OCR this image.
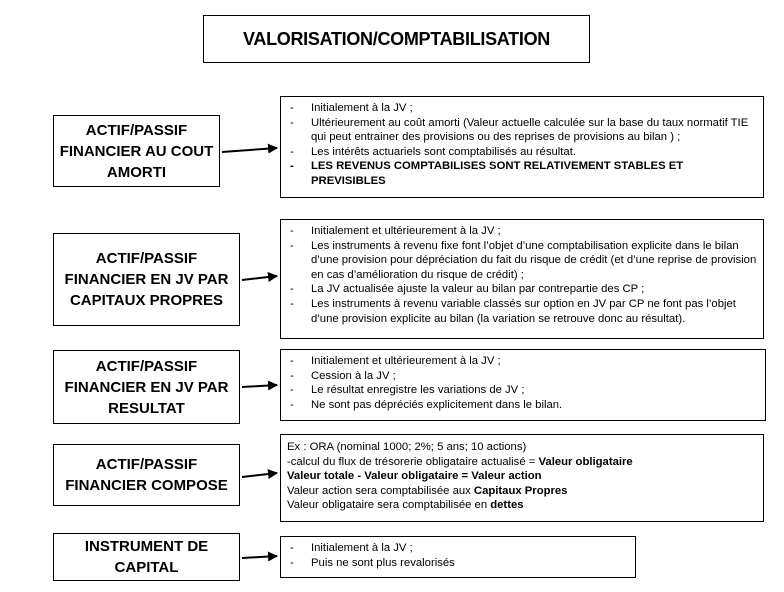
VALORISATION/COMPTABILISATION
ACTIF/PASSIF
FINANCIER AU COUT
AMORTI
- Initialement à la JV ;
- Ultérieurement au coût amorti (Valeur actuelle calculée sur la base du taux normatif TIE qui peut entrainer des provisions ou des reprises de provisions au bilan ) ;
- Les intérêts actuariels sont comptabilisés au résultat.
- LES REVENUS COMPTABILISES SONT RELATIVEMENT STABLES ET PREVISIBLES
ACTIF/PASSIF
FINANCIER EN JV PAR
CAPITAUX PROPRES
- Initialement et ultérieurement à la JV ;
- Les instruments à revenu fixe font l’objet d’une comptabilisation explicite dans le bilan d’une provision pour dépréciation du fait du risque de crédit (et d’une reprise de provision en cas d’amélioration du risque de crédit) ;
- La JV actualisée ajuste la valeur au bilan par contrepartie des CP ;
- Les instruments à revenu variable classés sur option en JV par CP ne font pas l’objet d’une provision explicite au bilan (la variation se retrouve donc au résultat).
ACTIF/PASSIF
FINANCIER EN JV PAR
RESULTAT
- Initialement et ultérieurement à la JV ;
- Cession à la JV ;
- Le résultat enregistre les variations de JV ;
- Ne sont pas dépréciés explicitement dans le bilan.
ACTIF/PASSIF
FINANCIER COMPOSE
Ex : ORA (nominal 1000; 2%; 5 ans; 10 actions)
-calcul du flux de trésorerie obligataire actualisé = Valeur obligataire
Valeur totale - Valeur obligataire = Valeur action
Valeur action sera comptabilisée aux Capitaux Propres
Valeur obligataire sera comptabilisée en dettes
INSTRUMENT DE
CAPITAL
- Initialement à la JV ;
- Puis ne sont plus revalorisés
